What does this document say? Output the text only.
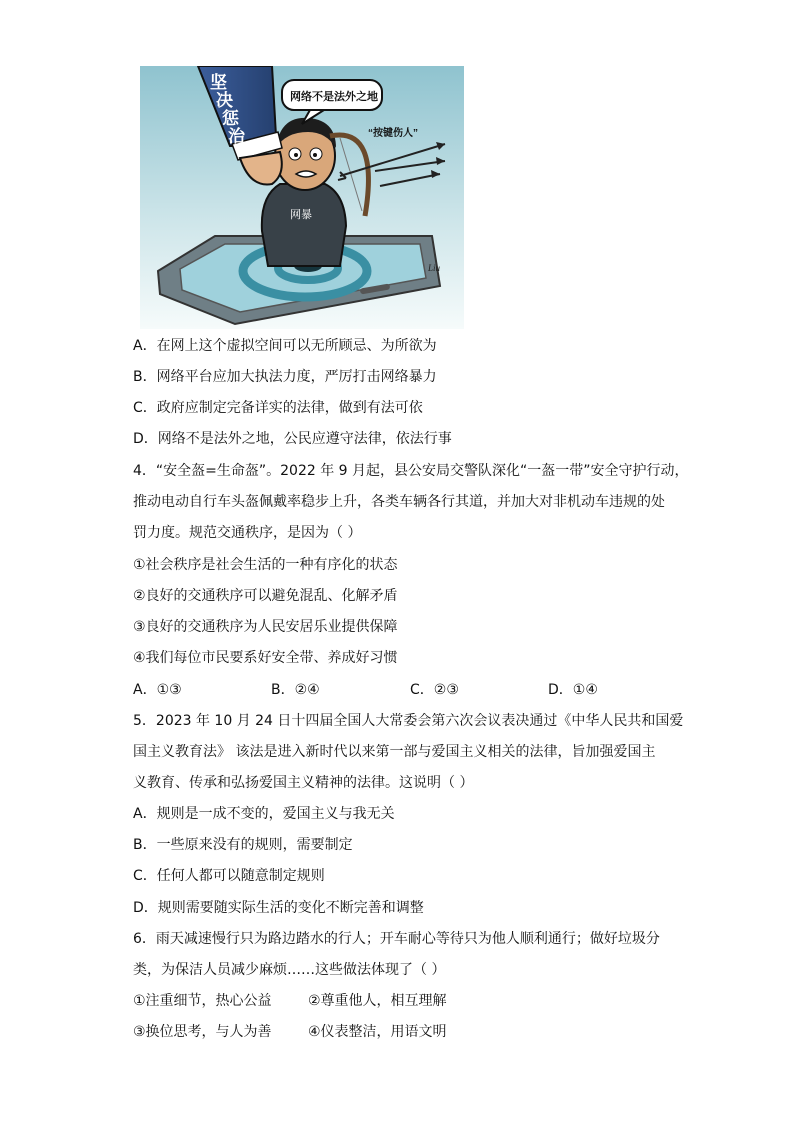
网暴
坚
决
惩
治
网络不是法外之地
“按键伤人”
Liu
A．在网上这个虚拟空间可以无所顾忌、为所欲为
B．网络平台应加大执法力度，严厉打击网络暴力
C．政府应制定完备详实的法律，做到有法可依
D．网络不是法外之地，公民应遵守法律，依法行事
4．“安全盔=生命盔”。2022 年 9 月起，县公安局交警队深化“一盔一带”安全守护行动，
推动电动自行车头盔佩戴率稳步上升，各类车辆各行其道，并加大对非机动车违规的处
罚力度。规范交通秩序，是因为（ ）
①社会秩序是社会生活的一种有序化的状态
②良好的交通秩序可以避免混乱、化解矛盾
③良好的交通秩序为人民安居乐业提供保障
④我们每位市民要系好安全带、养成好习惯
A．①③	B．②④	C．②③	D．①④
5．2023 年 10 月 24 日十四届全国人大常委会第六次会议表决通过《中华人民共和国爱
国主义教育法》 该法是进入新时代以来第一部与爱国主义相关的法律，旨加强爱国主
义教育、传承和弘扬爱国主义精神的法律。这说明（ ）
A．规则是一成不变的，爱国主义与我无关
B．一些原来没有的规则，需要制定
C．任何人都可以随意制定规则
D．规则需要随实际生活的变化不断完善和调整
6．雨天减速慢行只为路边踏水的行人；开车耐心等待只为他人顺利通行；做好垃圾分
类，为保洁人员减少麻烦……这些做法体现了（ ）
①注重细节，热心公益	②尊重他人，相互理解
③换位思考，与人为善	④仪表整洁，用语文明
